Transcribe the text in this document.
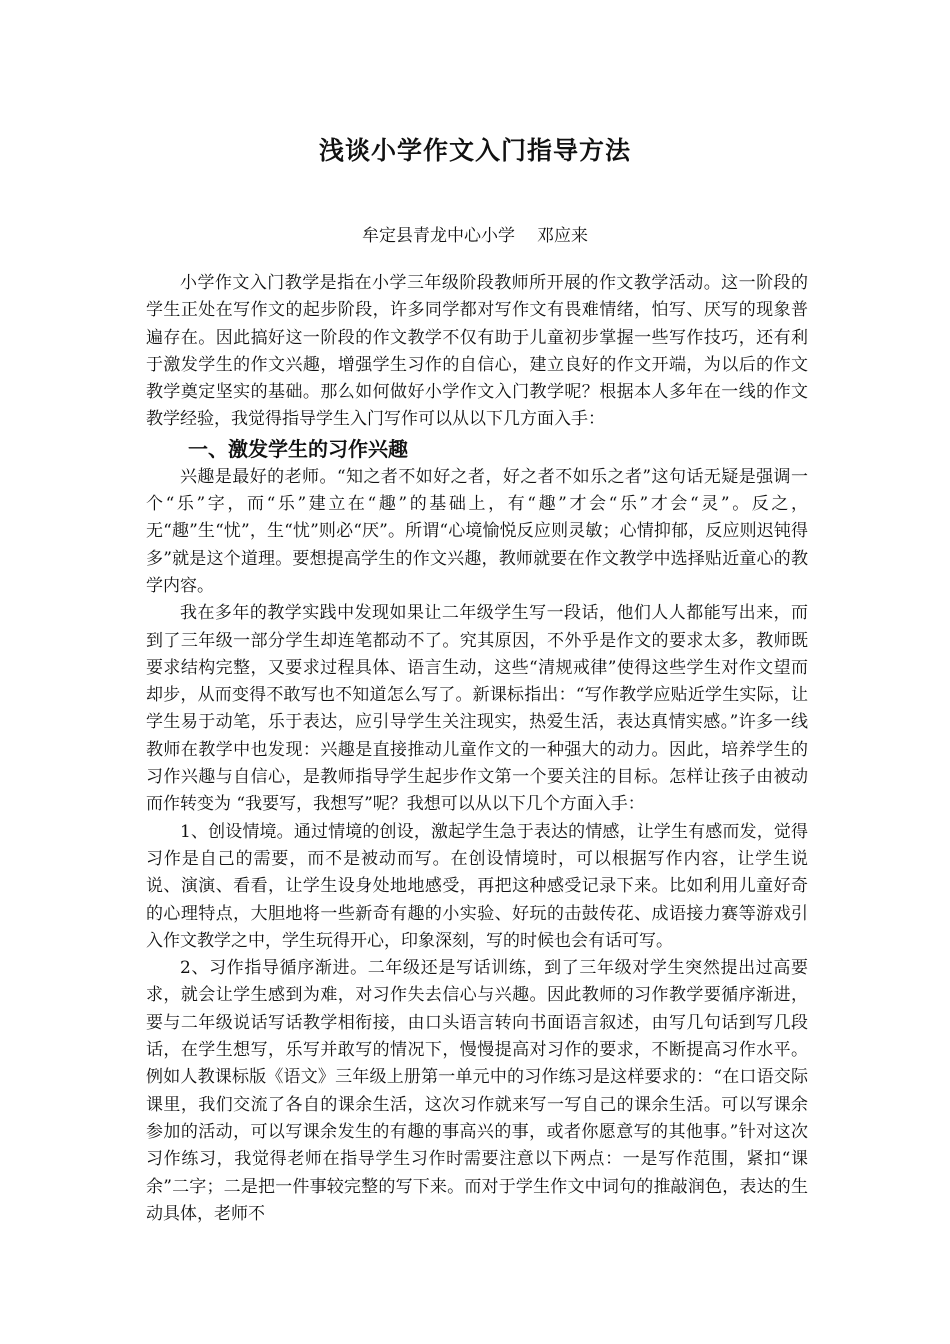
浅谈小学作文入门指导方法
牟定县青龙中心小学 邓应来

小学作文入门教学是指在小学三年级阶段教师所开展的作文教学活动。这一阶段的学生正处在写作文的起步阶段，许多同学都对写作文有畏难情绪，怕写、厌写的现象普遍存在。因此搞好这一阶段的作文教学不仅有助于儿童初步掌握一些写作技巧，还有利于激发学生的作文兴趣，增强学生习作的自信心，建立良好的作文开端，为以后的作文教学奠定坚实的基础。那么如何做好小学作文入门教学呢？根据本人多年在一线的作文教学经验，我觉得指导学生入门写作可以从以下几方面入手：

一、激发学生的习作兴趣

兴趣是最好的老师。“知之者不如好之者，好之者不如乐之者”这句话无疑是强调一个“乐”字，而“乐”建立在“趣”的基础上，有“趣”才会“乐”才会“灵”。反之，无“趣”生“忧”，生“忧”则必“厌”。所谓“心境愉悦反应则灵敏；心情抑郁，反应则迟钝得多”就是这个道理。要想提高学生的作文兴趣，教师就要在作文教学中选择贴近童心的教学内容。

我在多年的教学实践中发现如果让二年级学生写一段话，他们人人都能写出来，而到了三年级一部分学生却连笔都动不了。究其原因，不外乎是作文的要求太多，教师既要求结构完整，又要求过程具体、语言生动，这些“清规戒律”使得这些学生对作文望而却步，从而变得不敢写也不知道怎么写了。新课标指出：“写作教学应贴近学生实际，让学生易于动笔，乐于表达，应引导学生关注现实，热爱生活，表达真情实感。”许多一线教师在教学中也发现：兴趣是直接推动儿童作文的一种强大的动力。因此，培养学生的习作兴趣与自信心，是教师指导学生起步作文第一个要关注的目标。怎样让孩子由被动而作转变为 “我要写，我想写”呢？我想可以从以下几个方面入手：

1、创设情境。通过情境的创设，激起学生急于表达的情感，让学生有感而发，觉得习作是自己的需要，而不是被动而写。在创设情境时，可以根据写作内容，让学生说说、演演、看看，让学生设身处地地感受，再把这种感受记录下来。比如利用儿童好奇的心理特点，大胆地将一些新奇有趣的小实验、好玩的击鼓传花、成语接力赛等游戏引入作文教学之中，学生玩得开心，印象深刻，写的时候也会有话可写。

2、习作指导循序渐进。二年级还是写话训练，到了三年级对学生突然提出过高要求，就会让学生感到为难，对习作失去信心与兴趣。因此教师的习作教学要循序渐进，要与二年级说话写话教学相衔接，由口头语言转向书面语言叙述，由写几句话到写几段话，在学生想写，乐写并敢写的情况下，慢慢提高对习作的要求，不断提高习作水平。例如人教课标版《语文》三年级上册第一单元中的习作练习是这样要求的：“在口语交际课里，我们交流了各自的课余生活，这次习作就来写一写自己的课余生活。可以写课余参加的活动，可以写课余发生的有趣的事高兴的事，或者你愿意写的其他事。”针对这次习作练习，我觉得老师在指导学生习作时需要注意以下两点：一是写作范围，紧扣“课余”二字；二是把一件事较完整的写下来。而对于学生作文中词句的推敲润色，表达的生动具体，老师不
